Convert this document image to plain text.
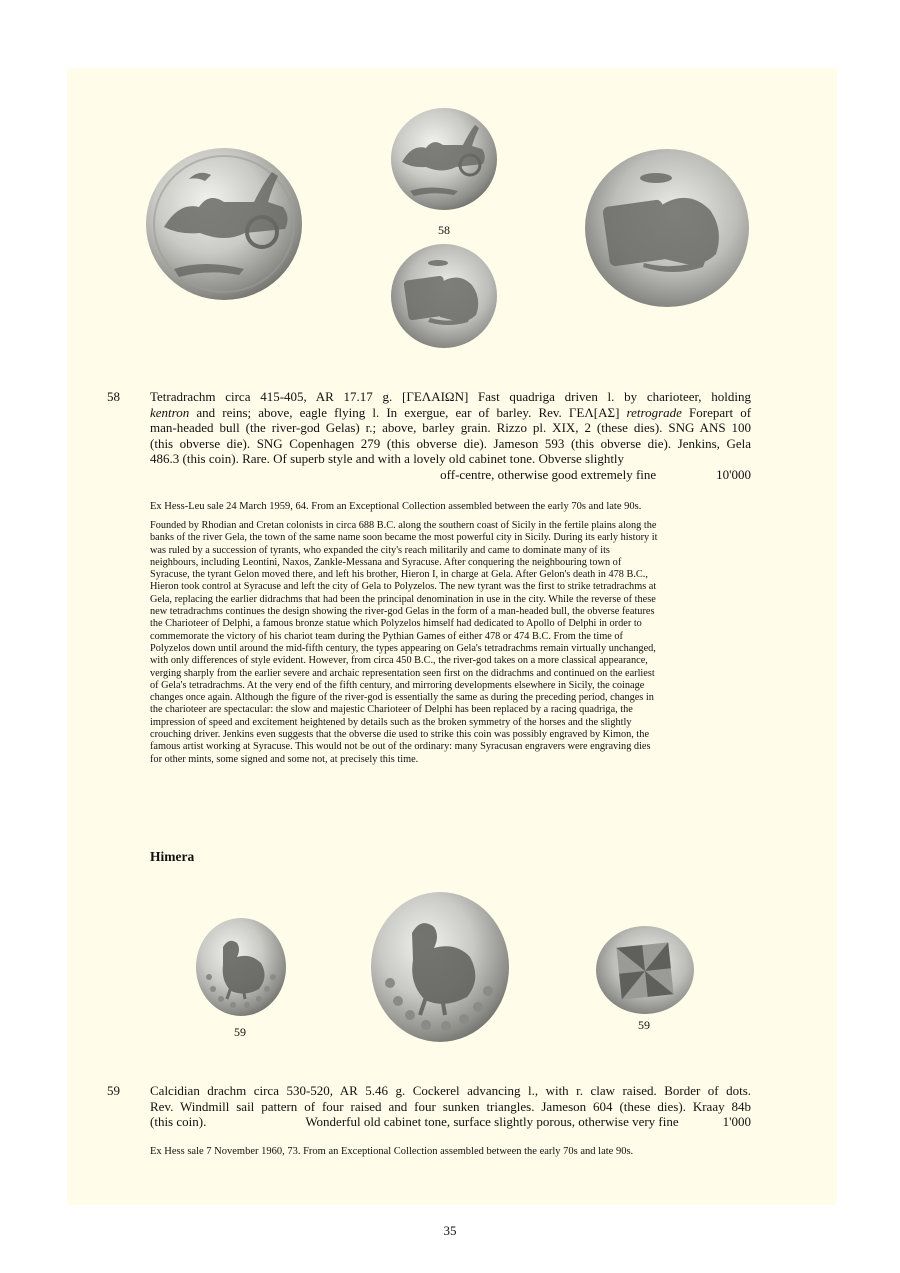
58
58 Tetradrachm circa 415-405, AR 17.17 g. [ΓΕΛΑΙΩΝ] Fast quadriga driven l. by charioteer, holding
kentron and reins; above, eagle flying l. In exergue, ear of barley. Rev. ΓΕΛ[ΑΣ] retrograde Forepart of
man-headed bull (the river-god Gelas) r.; above, barley grain. Rizzo pl. XIX, 2 (these dies). SNG ANS 100
(this obverse die). SNG Copenhagen 279 (this obverse die). Jameson 593 (this obverse die). Jenkins, Gela
486.3 (this coin). Rare. Of superb style and with a lovely old cabinet tone. Obverse slightly
off-centre, otherwise good extremely fine	10'000
Ex Hess-Leu sale 24 March 1959, 64. From an Exceptional Collection assembled between the early 70s and late 90s.
Founded by Rhodian and Cretan colonists in circa 688 B.C. along the southern coast of Sicily in the fertile plains along the
banks of the river Gela, the town of the same name soon became the most powerful city in Sicily. During its early history it
was ruled by a succession of tyrants, who expanded the city's reach militarily and came to dominate many of its
neighbours, including Leontini, Naxos, Zankle-Messana and Syracuse. After conquering the neighbouring town of
Syracuse, the tyrant Gelon moved there, and left his brother, Hieron I, in charge at Gela. After Gelon's death in 478 B.C.,
Hieron took control at Syracuse and left the city of Gela to Polyzelos. The new tyrant was the first to strike tetradrachms at
Gela, replacing the earlier didrachms that had been the principal denomination in use in the city. While the reverse of these
new tetradrachms continues the design showing the river-god Gelas in the form of a man-headed bull, the obverse features
the Charioteer of Delphi, a famous bronze statue which Polyzelos himself had dedicated to Apollo of Delphi in order to
commemorate the victory of his chariot team during the Pythian Games of either 478 or 474 B.C. From the time of
Polyzelos down until around the mid-fifth century, the types appearing on Gela's tetradrachms remain virtually unchanged,
with only differences of style evident. However, from circa 450 B.C., the river-god takes on a more classical appearance,
verging sharply from the earlier severe and archaic representation seen first on the didrachms and continued on the earliest
of Gela's tetradrachms. At the very end of the fifth century, and mirroring developments elsewhere in Sicily, the coinage
changes once again. Although the figure of the river-god is essentially the same as during the preceding period, changes in
the charioteer are spectacular: the slow and majestic Charioteer of Delphi has been replaced by a racing quadriga, the
impression of speed and excitement heightened by details such as the broken symmetry of the horses and the slightly
crouching driver. Jenkins even suggests that the obverse die used to strike this coin was possibly engraved by Kimon, the
famous artist working at Syracuse. This would not be out of the ordinary: many Syracusan engravers were engraving dies
for other mints, some signed and some not, at precisely this time.
Himera
59	59
59 Calcidian drachm circa 530-520, AR 5.46 g. Cockerel advancing l., with r. claw raised. Border of dots.
Rev. Windmill sail pattern of four raised and four sunken triangles. Jameson 604 (these dies). Kraay 84b
(this coin).	Wonderful old cabinet tone, surface slightly porous, otherwise very fine	1'000
Ex Hess sale 7 November 1960, 73. From an Exceptional Collection assembled between the early 70s and late 90s.
35
